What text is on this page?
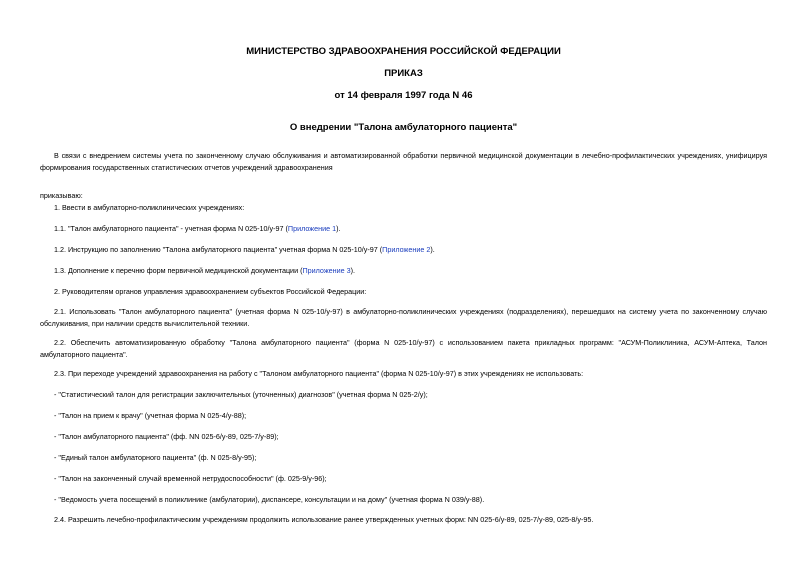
МИНИСТЕРСТВО ЗДРАВООХРАНЕНИЯ РОССИЙСКОЙ ФЕДЕРАЦИИ
ПРИКАЗ
от 14 февраля 1997 года N 46
О внедрении "Талона амбулаторного пациента"
В связи с внедрением системы учета по законченному случаю обслуживания и автоматизированной обработки первичной медицинской документации в лечебно-профилактических учреждениях, унифицируя формирования государственных статистических отчетов учреждений здравоохранения
приказываю:
1. Ввести в амбулаторно-поликлинических учреждениях:
1.1. "Талон амбулаторного пациента" - учетная форма N 025-10/у-97 (Приложение 1).
1.2. Инструкцию по заполнению "Талона амбулаторного пациента" учетная форма N 025-10/у-97 (Приложение 2).
1.3. Дополнение к перечню форм первичной медицинской документации (Приложение 3).
2. Руководителям органов управления здравоохранением субъектов Российской Федерации:
2.1. Использовать "Талон амбулаторного пациента" (учетная форма N 025-10/у-97) в амбулаторно-поликлинических учреждениях (подразделениях), перешедших на систему учета по законченному случаю обслуживания, при наличии средств вычислительной техники.
2.2. Обеспечить автоматизированную обработку "Талона амбулаторного пациента" (форма N 025-10/у-97) с использованием пакета прикладных программ: "АСУМ-Поликлиника, АСУМ-Аптека, Талон амбулаторного пациента".
2.3. При переходе учреждений здравоохранения на работу с "Талоном амбулаторного пациента" (форма N 025-10/у-97) в этих учреждениях не использовать:
- "Статистический талон для регистрации заключительных (уточненных) диагнозов" (учетная форма N 025-2/у);
- "Талон на прием к врачу" (учетная форма N 025-4/у-88);
- "Талон амбулаторного пациента" (фф. NN 025-6/у-89, 025-7/у-89);
- "Единый талон амбулаторного пациента" (ф. N 025-8/у-95);
- "Талон на законченный случай временной нетрудоспособности" (ф. 025-9/у-96);
- "Ведомость учета посещений в поликлинике (амбулатории), диспансере, консультации и на дому" (учетная форма N 039/у-88).
2.4. Разрешить лечебно-профилактическим учреждениям продолжить использование ранее утвержденных учетных форм: NN 025-6/у-89, 025-7/у-89, 025-8/у-95.
